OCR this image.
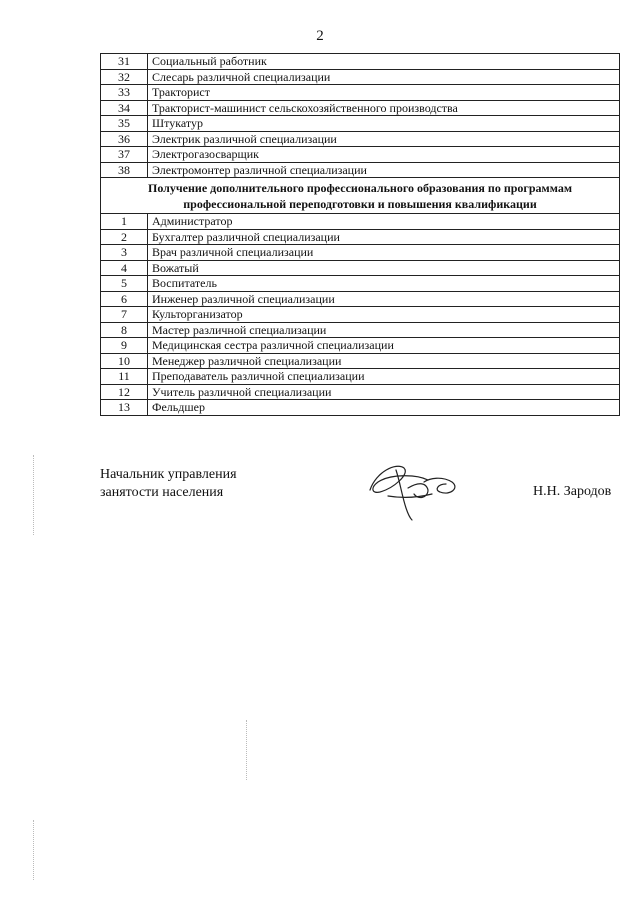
2
31	Социальный работник
32	Слесарь различной специализации
33	Тракторист
34	Тракторист-машинист сельскохозяйственного производства
35	Штукатур
36	Электрик различной специализации
37	Электрогазосварщик
38	Электромонтер различной специализации
Получение дополнительного профессионального образования по программам профессиональной переподготовки и повышения квалификации	
1	Администратор
2	Бухгалтер различной специализации
3	Врач различной специализации
4	Вожатый
5	Воспитатель
6	Инженер различной специализации
7	Культорганизатор
8	Мастер различной специализации
9	Медицинская сестра различной специализации
10	Менеджер различной специализации
11	Преподаватель различной специализации
12	Учитель различной специализации
13	Фельдшер
Начальник управления
занятости населения	Н.Н. Зародов
